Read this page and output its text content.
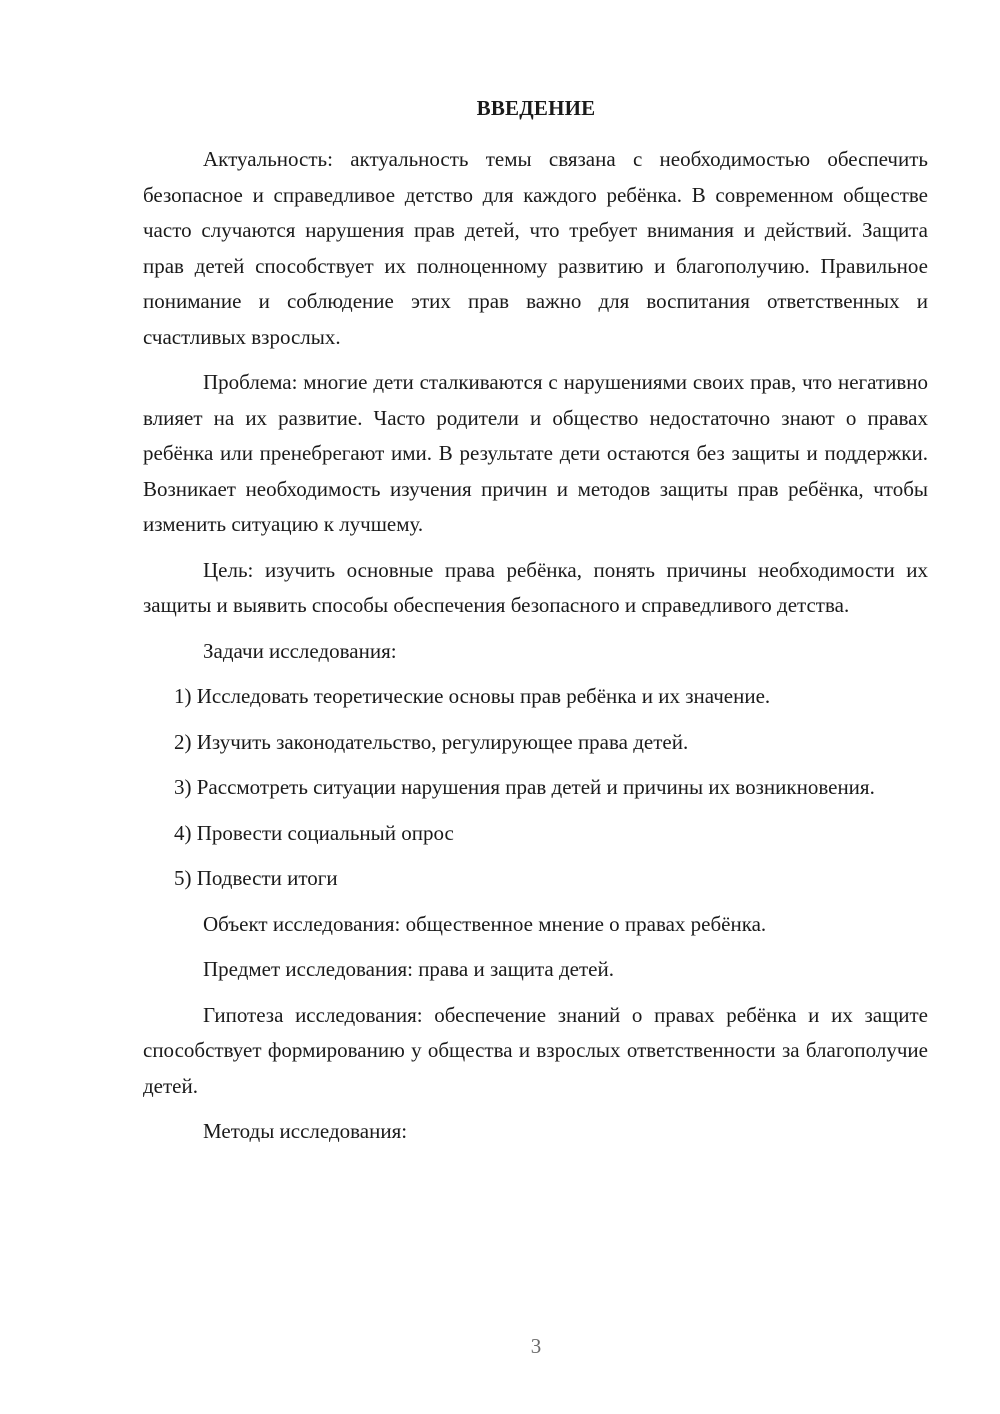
ВВЕДЕНИЕ

Актуальность: актуальность темы связана с необходимостью обеспечить безопасное и справедливое детство для каждого ребёнка. В современном обществе часто случаются нарушения прав детей, что требует внимания и действий. Защита прав детей способствует их полноценному развитию и благополучию. Правильное понимание и соблюдение этих прав важно для воспитания ответственных и счастливых взрослых.

Проблема: многие дети сталкиваются с нарушениями своих прав, что негативно влияет на их развитие. Часто родители и общество недостаточно знают о правах ребёнка или пренебрегают ими. В результате дети остаются без защиты и поддержки. Возникает необходимость изучения причин и методов защиты прав ребёнка, чтобы изменить ситуацию к лучшему.

Цель: изучить основные права ребёнка, понять причины необходимости их защиты и выявить способы обеспечения безопасного и справедливого детства.

Задачи исследования:

1) Исследовать теоретические основы прав ребёнка и их значение.

2) Изучить законодательство, регулирующее права детей.

3) Рассмотреть ситуации нарушения прав детей и причины их возникновения.

4) Провести социальный опрос

5) Подвести итоги

Объект исследования: общественное мнение о правах ребёнка.

Предмет исследования: права и защита детей.

Гипотеза исследования: обеспечение знаний о правах ребёнка и их защите способствует формированию у общества и взрослых ответственности за благополучие детей.

Методы исследования:

3
